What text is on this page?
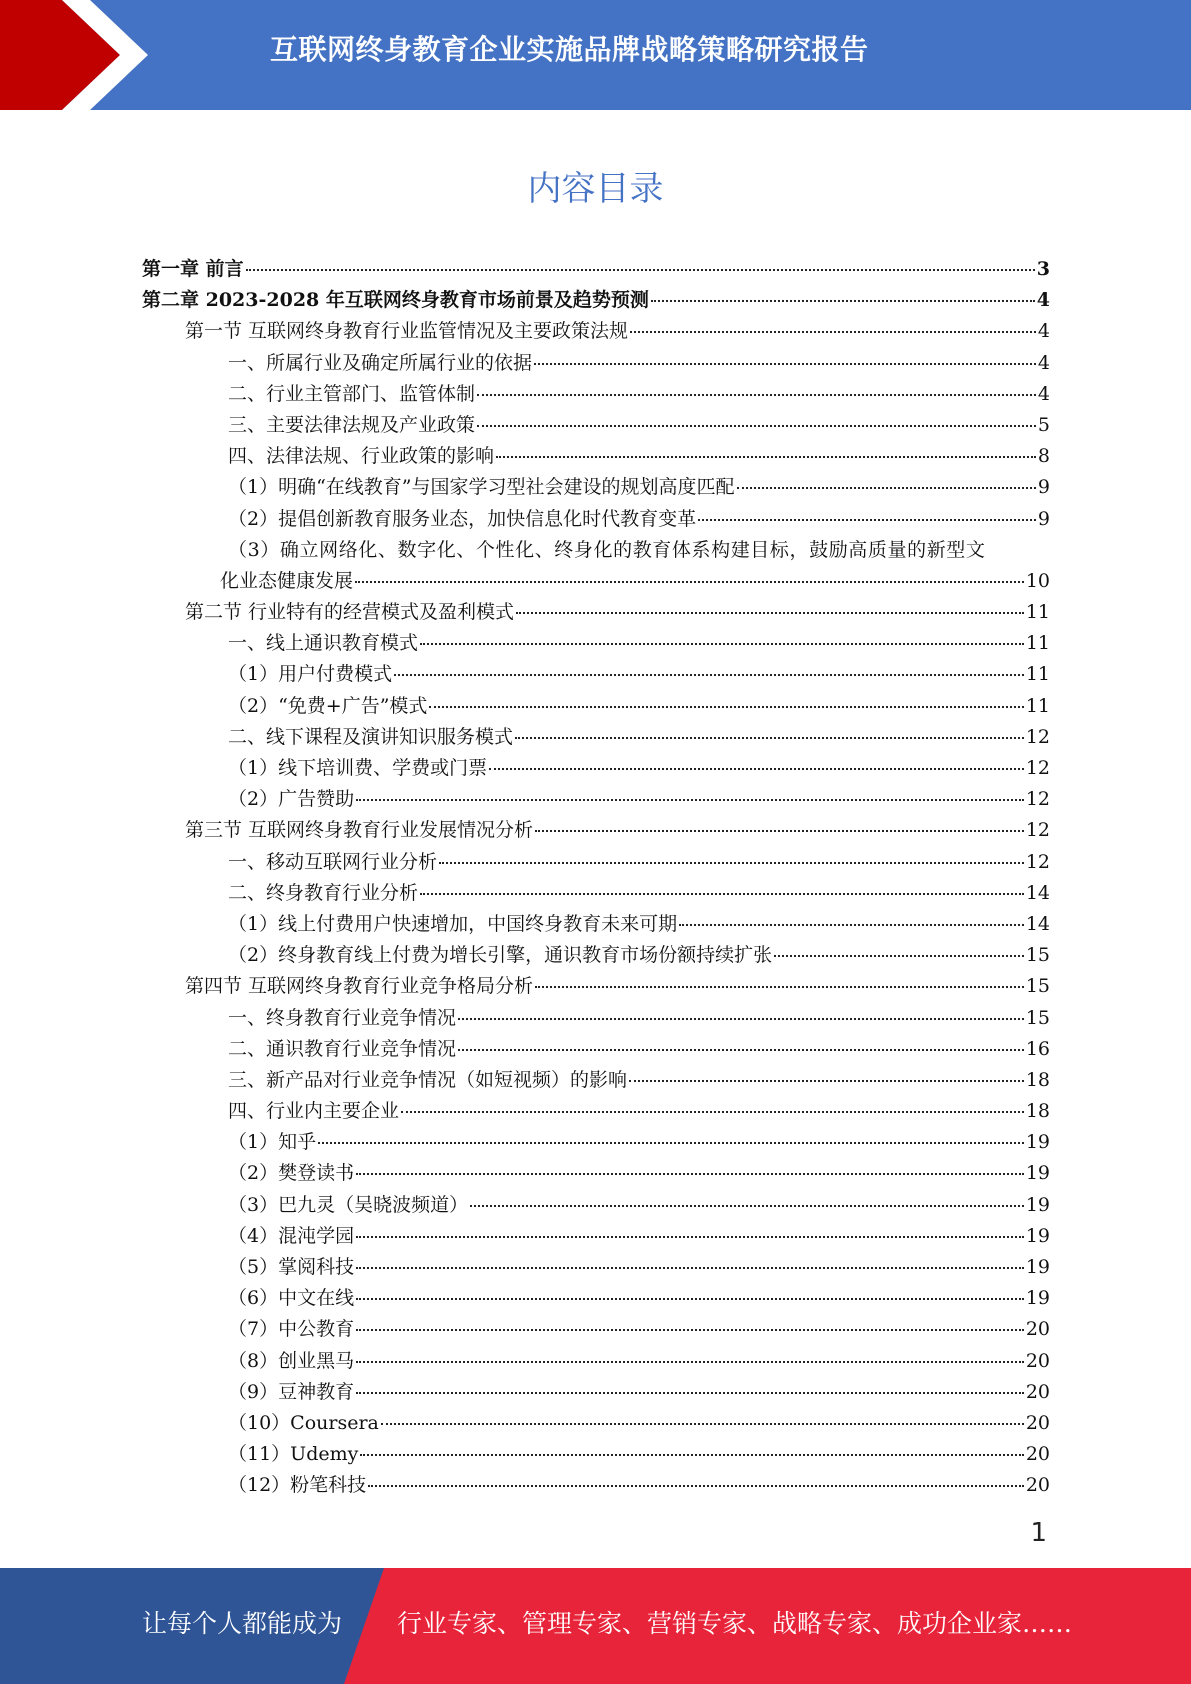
互联网终身教育企业实施品牌战略策略研究报告
内容目录
第一章 前言	3
第二章 2023-2028 年互联网终身教育市场前景及趋势预测	4
第一节 互联网终身教育行业监管情况及主要政策法规	4
一、所属行业及确定所属行业的依据	4
二、行业主管部门、监管体制	4
三、主要法律法规及产业政策	5
四、法律法规、行业政策的影响	8
（1）明确“在线教育”与国家学习型社会建设的规划高度匹配	9
（2）提倡创新教育服务业态，加快信息化时代教育变革	9
（3）确立网络化、数字化、个性化、终身化的教育体系构建目标，鼓励高质量的新型文
化业态健康发展	10
第二节 行业特有的经营模式及盈利模式	11
一、线上通识教育模式	11
（1）用户付费模式	11
（2）“免费+广告”模式	11
二、线下课程及演讲知识服务模式	12
（1）线下培训费、学费或门票	12
（2）广告赞助	12
第三节 互联网终身教育行业发展情况分析	12
一、移动互联网行业分析	12
二、终身教育行业分析	14
（1）线上付费用户快速增加，中国终身教育未来可期	14
（2）终身教育线上付费为增长引擎，通识教育市场份额持续扩张	15
第四节 互联网终身教育行业竞争格局分析	15
一、终身教育行业竞争情况	15
二、通识教育行业竞争情况	16
三、新产品对行业竞争情况（如短视频）的影响	18
四、行业内主要企业	18
（1）知乎	19
（2）樊登读书	19
（3）巴九灵（吴晓波频道）	19
（4）混沌学园	19
（5）掌阅科技	19
（6）中文在线	19
（7）中公教育	20
（8）创业黑马	20
（9）豆神教育	20
（10）Coursera	20
（11）Udemy	20
（12）粉笔科技	20
1
让每个人都能成为 行业专家、管理专家、营销专家、战略专家、成功企业家……
